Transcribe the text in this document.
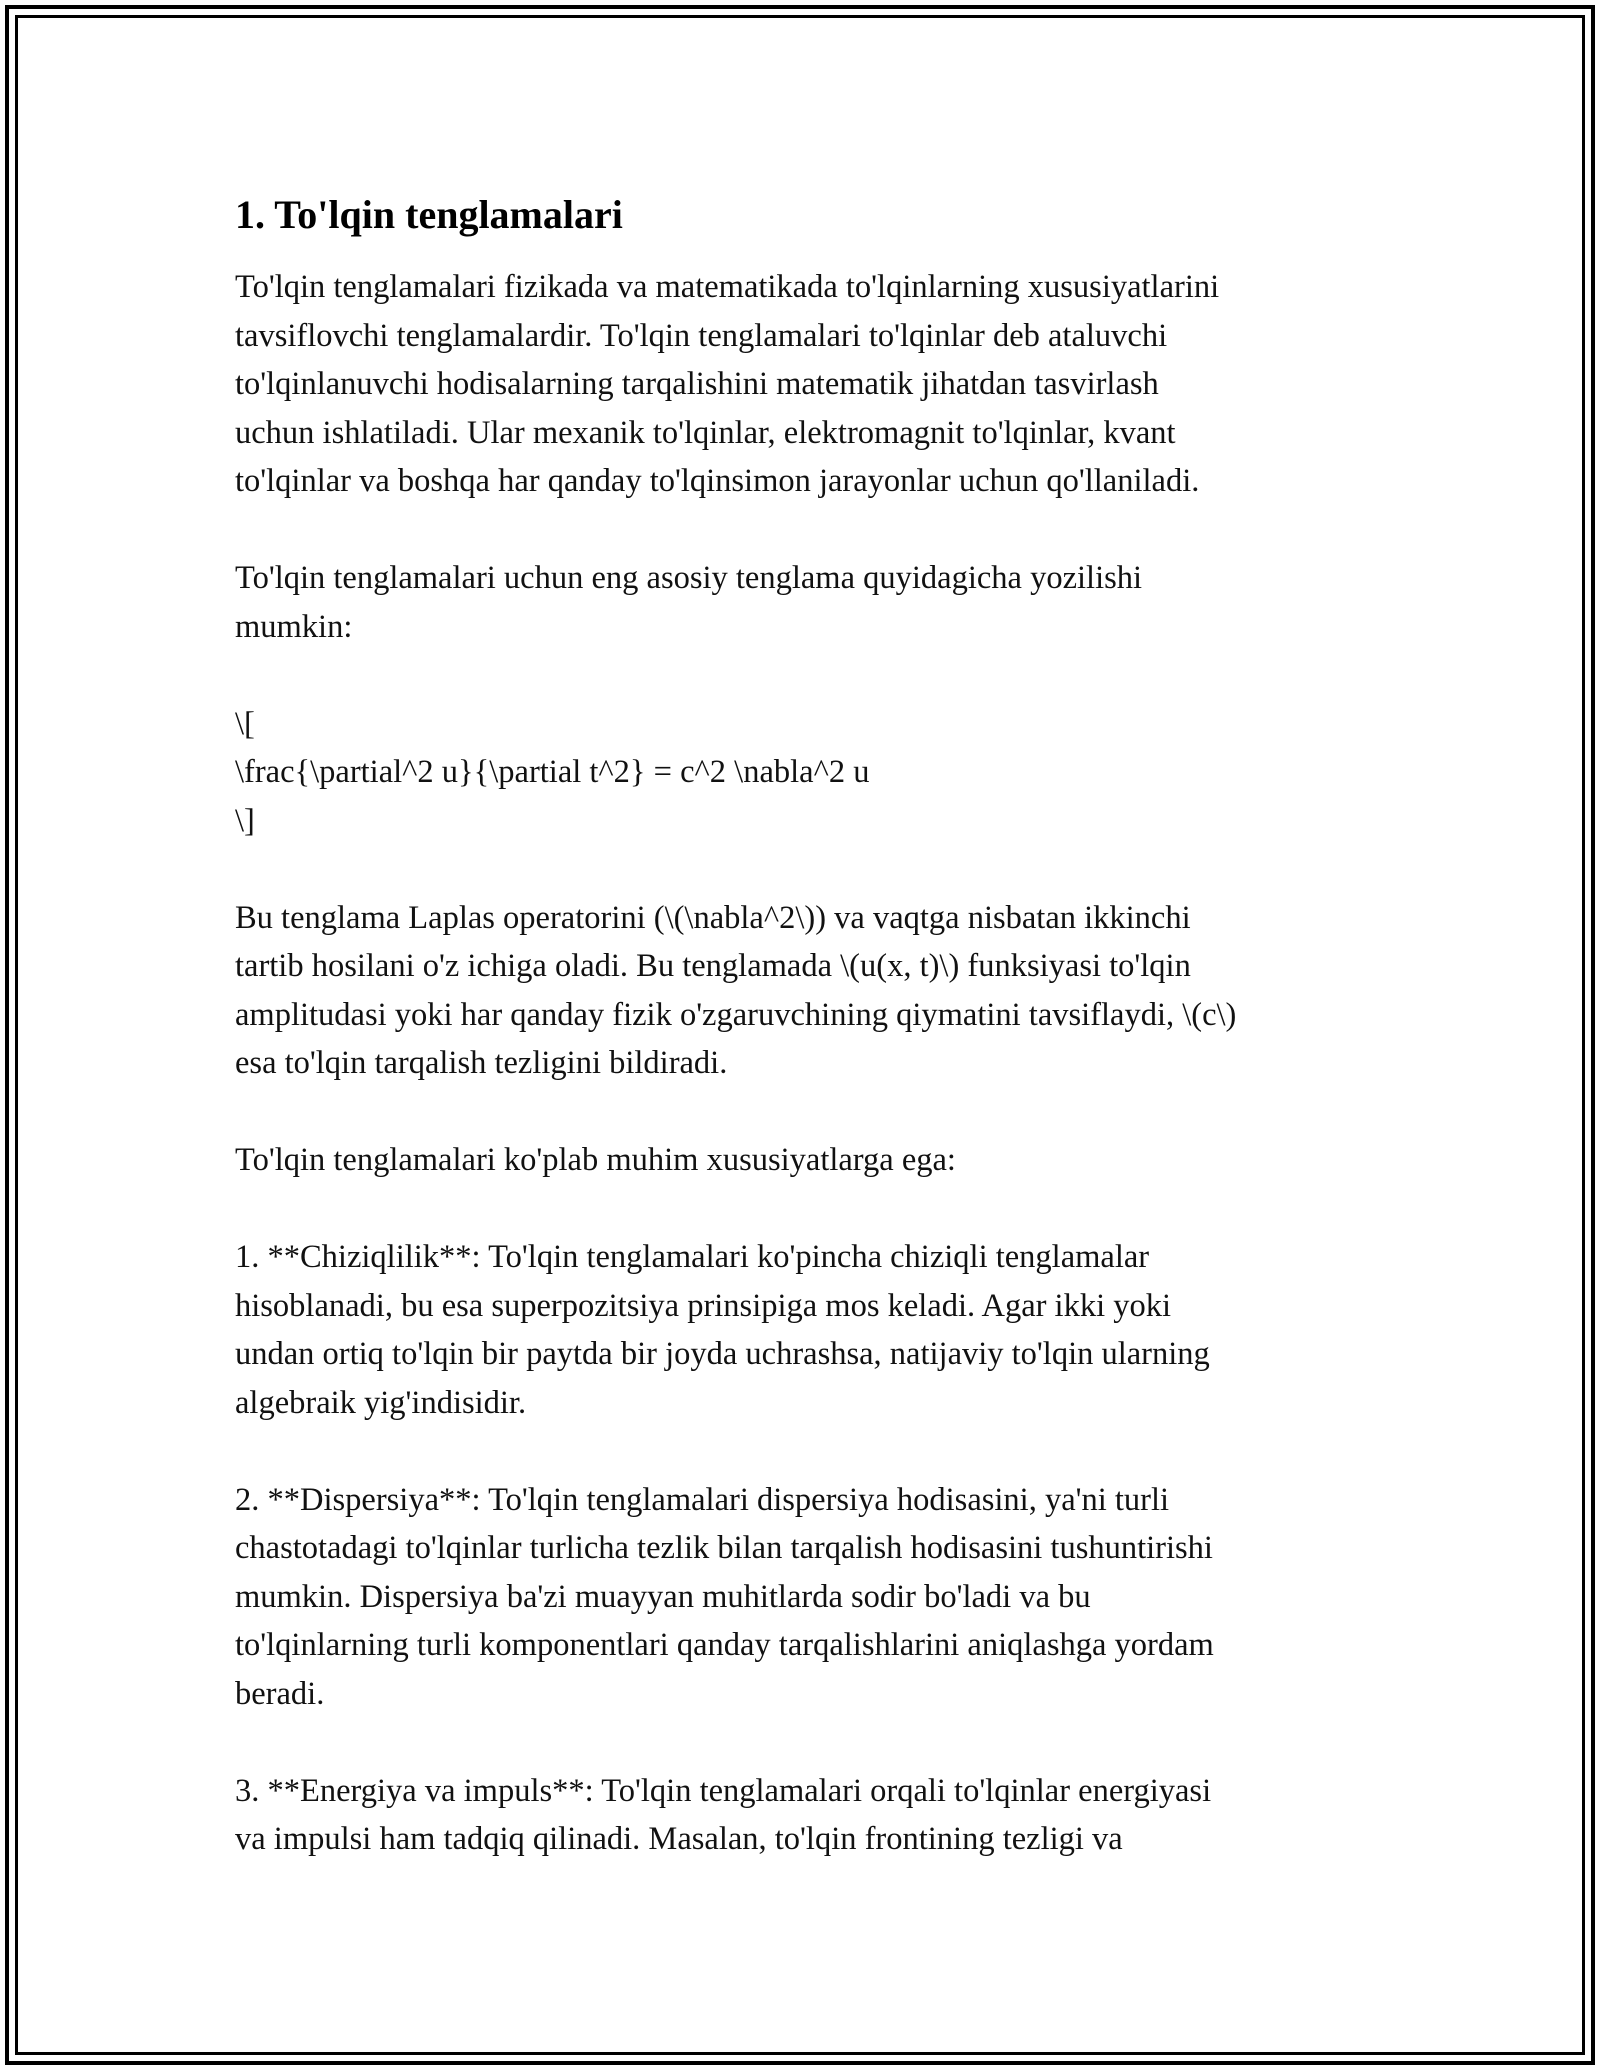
1. To'lqin tenglamalari
To'lqin tenglamalari fizikada va matematikada to'lqinlarning xususiyatlarini
tavsiflovchi tenglamalardir. To'lqin tenglamalari to'lqinlar deb ataluvchi
to'lqinlanuvchi hodisalarning tarqalishini matematik jihatdan tasvirlash
uchun ishlatiladi. Ular mexanik to'lqinlar, elektromagnit to'lqinlar, kvant
to'lqinlar va boshqa har qanday to'lqinsimon jarayonlar uchun qo'llaniladi.
To'lqin tenglamalari uchun eng asosiy tenglama quyidagicha yozilishi
mumkin:
\[
\frac{\partial^2 u}{\partial t^2} = c^2 \nabla^2 u
\]
Bu tenglama Laplas operatorini (\(\nabla^2\)) va vaqtga nisbatan ikkinchi
tartib hosilani o'z ichiga oladi. Bu tenglamada \(u(x, t)\) funksiyasi to'lqin
amplitudasi yoki har qanday fizik o'zgaruvchining qiymatini tavsiflaydi, \(c\)
esa to'lqin tarqalish tezligini bildiradi.
To'lqin tenglamalari ko'plab muhim xususiyatlarga ega:
1. **Chiziqlilik**: To'lqin tenglamalari ko'pincha chiziqli tenglamalar
hisoblanadi, bu esa superpozitsiya prinsipiga mos keladi. Agar ikki yoki
undan ortiq to'lqin bir paytda bir joyda uchrashsa, natijaviy to'lqin ularning
algebraik yig'indisidir.
2. **Dispersiya**: To'lqin tenglamalari dispersiya hodisasini, ya'ni turli
chastotadagi to'lqinlar turlicha tezlik bilan tarqalish hodisasini tushuntirishi
mumkin. Dispersiya ba'zi muayyan muhitlarda sodir bo'ladi va bu
to'lqinlarning turli komponentlari qanday tarqalishlarini aniqlashga yordam
beradi.
3. **Energiya va impuls**: To'lqin tenglamalari orqali to'lqinlar energiyasi
va impulsi ham tadqiq qilinadi. Masalan, to'lqin frontining tezligi va
